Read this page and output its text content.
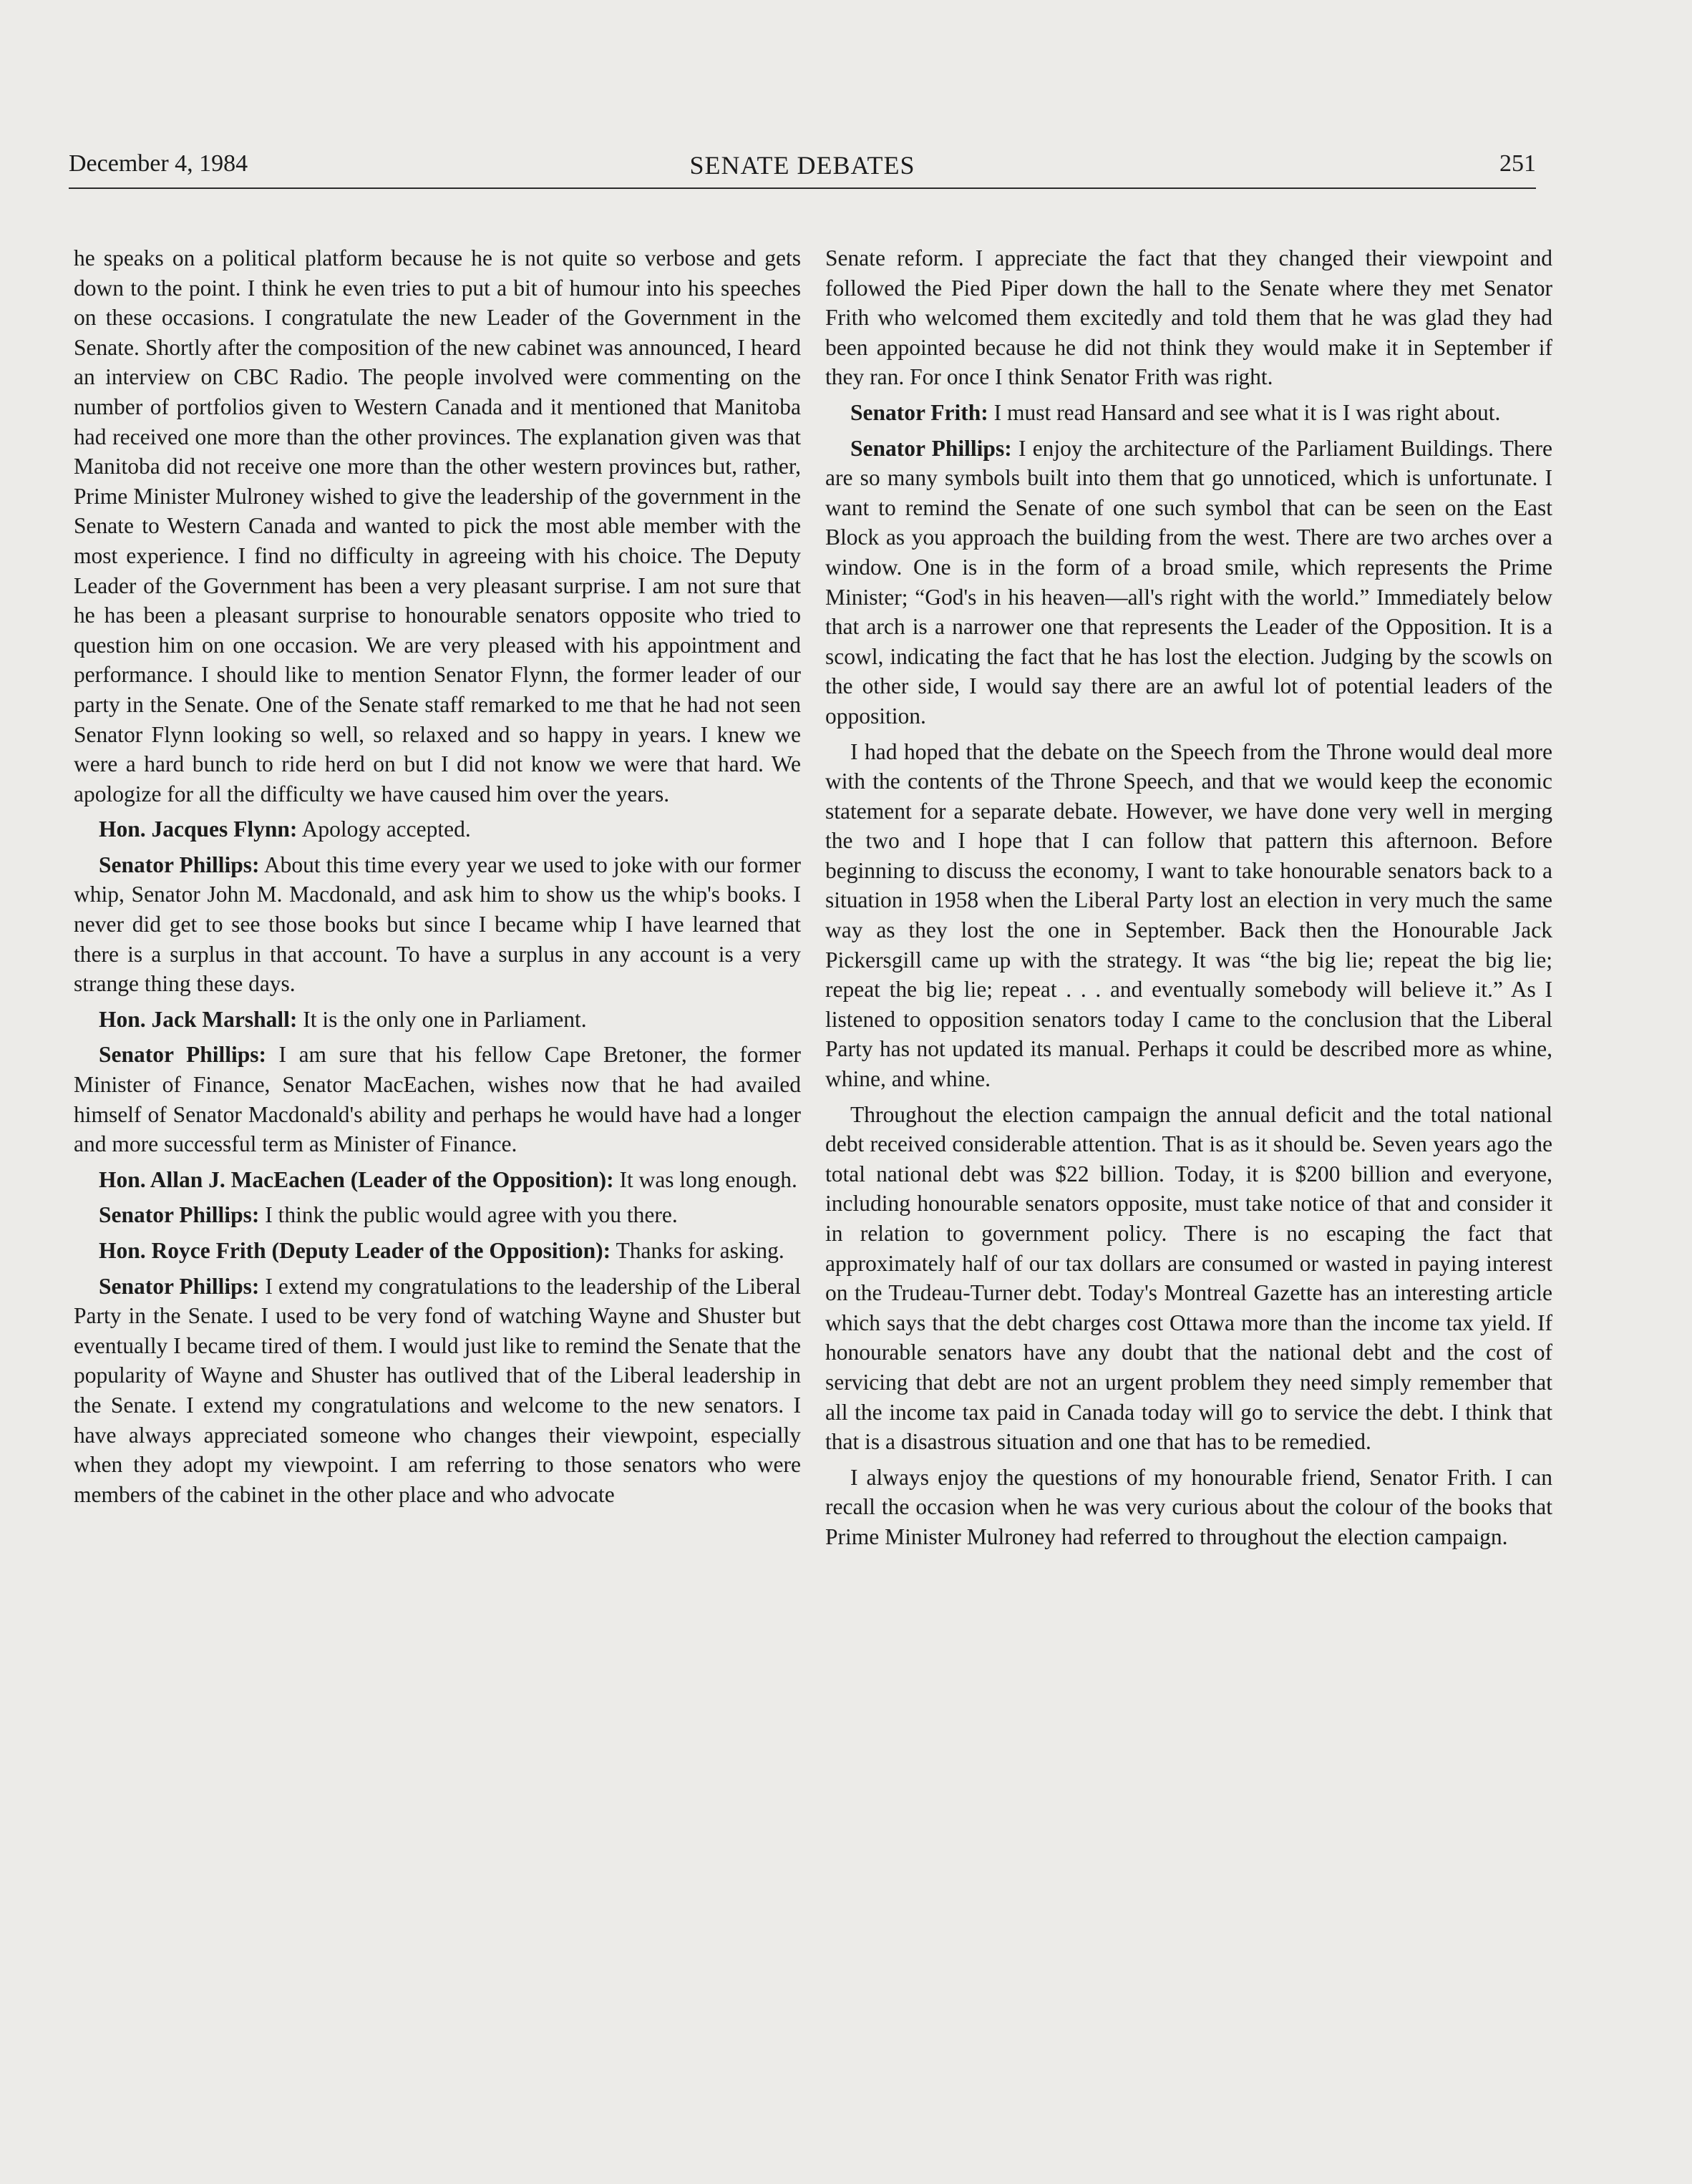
December 4, 1984	SENATE DEBATES	251

he speaks on a political platform because he is not quite so verbose and gets down to the point. I think he even tries to put a bit of humour into his speeches on these occasions. I congratulate the new Leader of the Government in the Senate. Shortly after the composition of the new cabinet was announced, I heard an interview on CBC Radio. The people involved were commenting on the number of portfolios given to Western Canada and it mentioned that Manitoba had received one more than the other provinces. The explanation given was that Manitoba did not receive one more than the other western provinces but, rather, Prime Minister Mulroney wished to give the leadership of the government in the Senate to Western Canada and wanted to pick the most able member with the most experience. I find no difficulty in agreeing with his choice. The Deputy Leader of the Government has been a very pleasant surprise. I am not sure that he has been a pleasant surprise to honourable senators opposite who tried to question him on one occasion. We are very pleased with his appointment and performance. I should like to mention Senator Flynn, the former leader of our party in the Senate. One of the Senate staff remarked to me that he had not seen Senator Flynn looking so well, so relaxed and so happy in years. I knew we were a hard bunch to ride herd on but I did not know we were that hard. We apologize for all the difficulty we have caused him over the years.

Hon. Jacques Flynn: Apology accepted.

Senator Phillips: About this time every year we used to joke with our former whip, Senator John M. Macdonald, and ask him to show us the whip's books. I never did get to see those books but since I became whip I have learned that there is a surplus in that account. To have a surplus in any account is a very strange thing these days.

Hon. Jack Marshall: It is the only one in Parliament.

Senator Phillips: I am sure that his fellow Cape Bretoner, the former Minister of Finance, Senator MacEachen, wishes now that he had availed himself of Senator Macdonald's ability and perhaps he would have had a longer and more successful term as Minister of Finance.

Hon. Allan J. MacEachen (Leader of the Opposition): It was long enough.

Senator Phillips: I think the public would agree with you there.

Hon. Royce Frith (Deputy Leader of the Opposition): Thanks for asking.

Senator Phillips: I extend my congratulations to the leadership of the Liberal Party in the Senate. I used to be very fond of watching Wayne and Shuster but eventually I became tired of them. I would just like to remind the Senate that the popularity of Wayne and Shuster has outlived that of the Liberal leadership in the Senate. I extend my congratulations and welcome to the new senators. I have always appreciated someone who changes their viewpoint, especially when they adopt my viewpoint. I am referring to those senators who were members of the cabinet in the other place and who advocate

Senate reform. I appreciate the fact that they changed their viewpoint and followed the Pied Piper down the hall to the Senate where they met Senator Frith who welcomed them excitedly and told them that he was glad they had been appointed because he did not think they would make it in September if they ran. For once I think Senator Frith was right.

Senator Frith: I must read Hansard and see what it is I was right about.

Senator Phillips: I enjoy the architecture of the Parliament Buildings. There are so many symbols built into them that go unnoticed, which is unfortunate. I want to remind the Senate of one such symbol that can be seen on the East Block as you approach the building from the west. There are two arches over a window. One is in the form of a broad smile, which represents the Prime Minister; “God's in his heaven—all's right with the world.” Immediately below that arch is a narrower one that represents the Leader of the Opposition. It is a scowl, indicating the fact that he has lost the election. Judging by the scowls on the other side, I would say there are an awful lot of potential leaders of the opposition.

I had hoped that the debate on the Speech from the Throne would deal more with the contents of the Throne Speech, and that we would keep the economic statement for a separate debate. However, we have done very well in merging the two and I hope that I can follow that pattern this afternoon. Before beginning to discuss the economy, I want to take honourable senators back to a situation in 1958 when the Liberal Party lost an election in very much the same way as they lost the one in September. Back then the Honourable Jack Pickersgill came up with the strategy. It was “the big lie; repeat the big lie; repeat the big lie; repeat . . . and eventually somebody will believe it.” As I listened to opposition senators today I came to the conclusion that the Liberal Party has not updated its manual. Perhaps it could be described more as whine, whine, and whine.

Throughout the election campaign the annual deficit and the total national debt received considerable attention. That is as it should be. Seven years ago the total national debt was $22 billion. Today, it is $200 billion and everyone, including honourable senators opposite, must take notice of that and consider it in relation to government policy. There is no escaping the fact that approximately half of our tax dollars are consumed or wasted in paying interest on the Trudeau-Turner debt. Today's Montreal Gazette has an interesting article which says that the debt charges cost Ottawa more than the income tax yield. If honourable senators have any doubt that the national debt and the cost of servicing that debt are not an urgent problem they need simply remember that all the income tax paid in Canada today will go to service the debt. I think that that is a disastrous situation and one that has to be remedied.

I always enjoy the questions of my honourable friend, Senator Frith. I can recall the occasion when he was very curious about the colour of the books that Prime Minister Mulroney had referred to throughout the election campaign.
